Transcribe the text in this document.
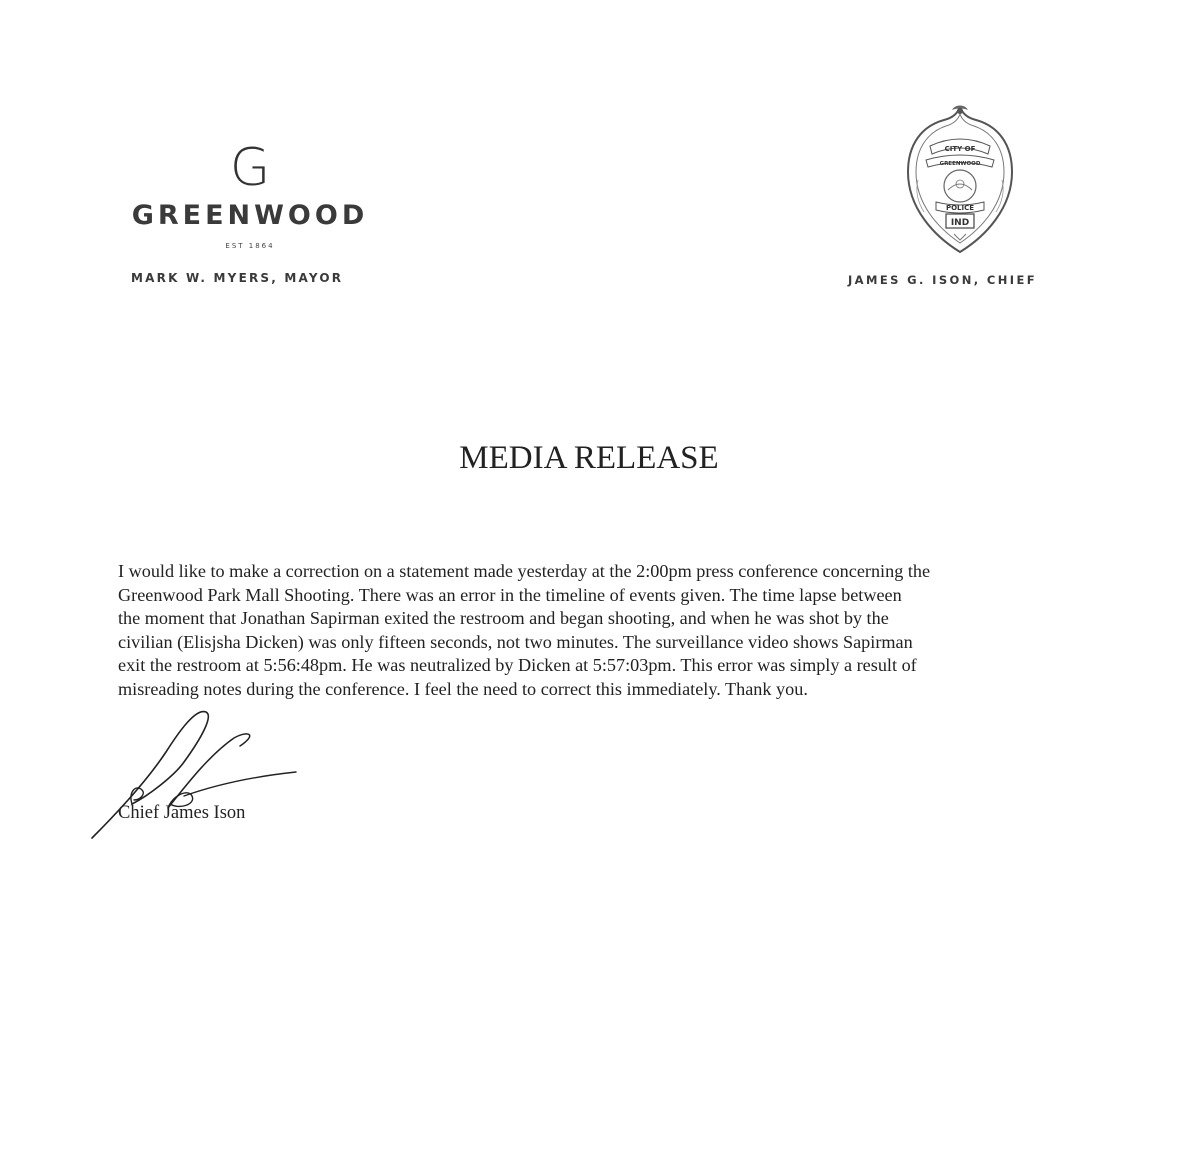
G
GREENWOOD
EST 1864
MARK W. MYERS, MAYOR
CITY OF
GREENWOOD
POLICE
IND
JAMES G. ISON, CHIEF
MEDIA RELEASE
I would like to make a correction on a statement made yesterday at the 2:00pm press conference concerning the
Greenwood Park Mall Shooting. There was an error in the timeline of events given. The time lapse between
the moment that Jonathan Sapirman exited the restroom and began shooting, and when he was shot by the
civilian (Elisjsha Dicken) was only fifteen seconds, not two minutes. The surveillance video shows Sapirman
exit the restroom at 5:56:48pm. He was neutralized by Dicken at 5:57:03pm. This error was simply a result of
misreading notes during the conference. I feel the need to correct this immediately. Thank you.
Chief James Ison
